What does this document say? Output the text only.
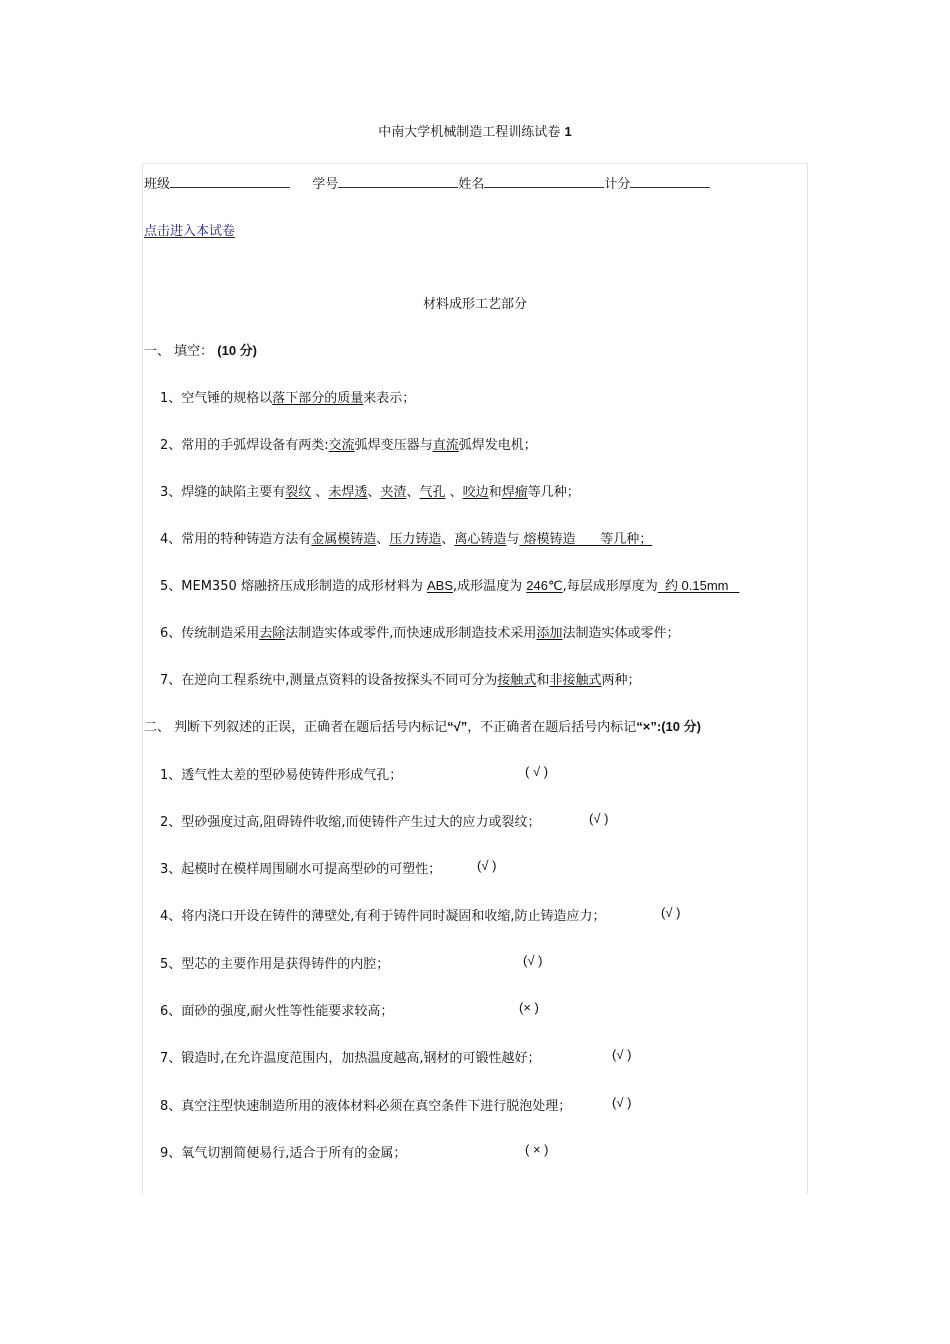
中南大学机械制造工程训练试卷 1
班级	学号	姓名	计分
点击进入本试卷
材料成形工艺部分
一、 填空： (10 分)
1、空气锤的规格以落下部分的质量来表示；
2、常用的手弧焊设备有两类:交流弧焊变压器与直流弧焊发电机；
3、焊缝的缺陷主要有裂纹 、未焊透、夹渣、气孔 、咬边和焊瘤等几种；
4、常用的特种铸造方法有金属模铸造、压力铸造、离心铸造与 熔模铸造      等几种；
5、MEM350 熔融挤压成形制造的成形材料为 ABS,成形温度为 246℃,每层成形厚度为  约 0.15mm
6、传统制造采用去除法制造实体或零件,而快速成形制造技术采用添加法制造实体或零件；
7、在逆向工程系统中,测量点资料的设备按探头不同可分为接触式和非接触式两种；
二、 判断下列叙述的正误，正确者在题后括号内标记“√”，不正确者在题后括号内标记“×”:(10 分)
1、透气性太差的型砂易使铸件形成气孔；	( √ )
2、型砂强度过高,阻碍铸件收缩,而使铸件产生过大的应力或裂纹；	(√ )
3、起模时在模样周围刷水可提高型砂的可塑性；	(√ )
4、将内浇口开设在铸件的薄壁处,有利于铸件同时凝固和收缩,防止铸造应力；	(√ )
5、型芯的主要作用是获得铸件的内腔；	(√ )
6、面砂的强度,耐火性等性能要求较高；	(× )
7、锻造时,在允许温度范围内，加热温度越高,钢材的可锻性越好；	(√ )
8、真空注型快速制造所用的液体材料必须在真空条件下进行脱泡处理；	(√ )
9、氧气切割简便易行,适合于所有的金属；	( × )
